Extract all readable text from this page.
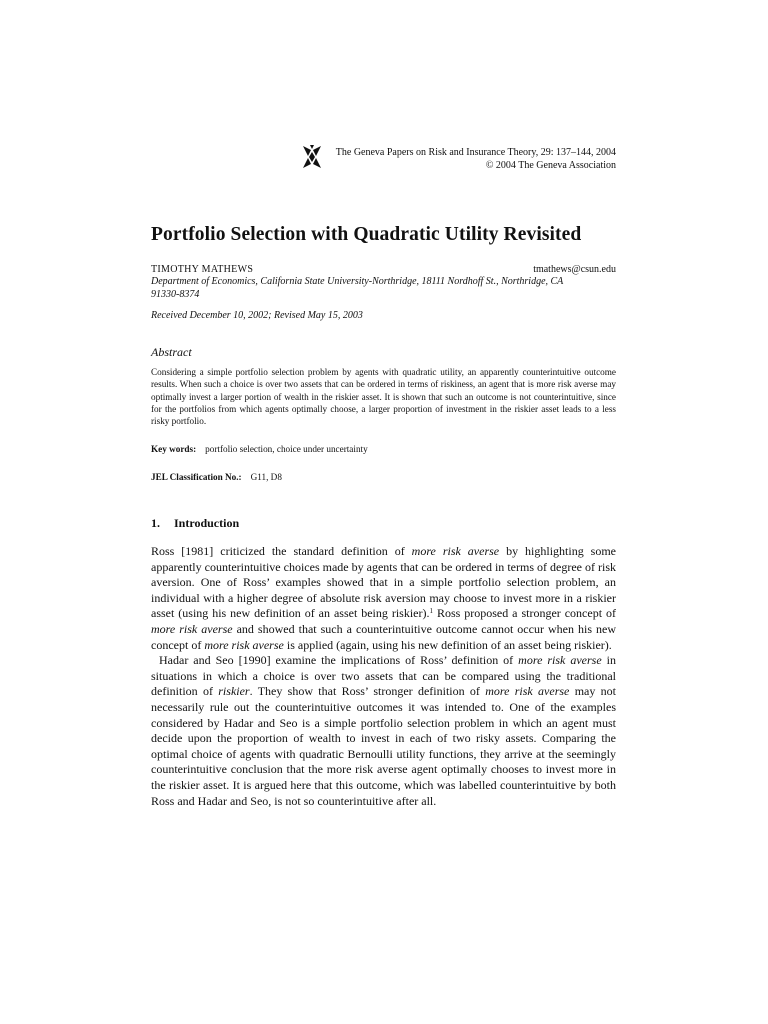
The Geneva Papers on Risk and Insurance Theory, 29: 137–144, 2004
© 2004 The Geneva Association
Portfolio Selection with Quadratic Utility Revisited
TIMOTHY MATHEWS	tmathews@csun.edu
Department of Economics, California State University-Northridge, 18111 Nordhoff St., Northridge, CA 91330-8374
Received December 10, 2002; Revised May 15, 2003
Abstract
Considering a simple portfolio selection problem by agents with quadratic utility, an apparently counterintuitive outcome results. When such a choice is over two assets that can be ordered in terms of riskiness, an agent that is more risk averse may optimally invest a larger portion of wealth in the riskier asset. It is shown that such an outcome is not counterintuitive, since for the portfolios from which agents optimally choose, a larger proportion of investment in the riskier asset leads to a less risky portfolio.
Key words: portfolio selection, choice under uncertainty
JEL Classification No.: G11, D8
1. Introduction

Ross [1981] criticized the standard definition of more risk averse by highlighting some apparently counterintuitive choices made by agents that can be ordered in terms of degree of risk aversion. One of Ross’ examples showed that in a simple portfolio selection problem, an individual with a higher degree of absolute risk aversion may choose to invest more in a riskier asset (using his new definition of an asset being riskier).$^1$ Ross proposed a stronger concept of more risk averse and showed that such a counterintuitive outcome cannot occur when his new concept of more risk averse is applied (again, using his new definition of an asset being riskier).

Hadar and Seo [1990] examine the implications of Ross’ definition of more risk averse in situations in which a choice is over two assets that can be compared using the traditional definition of riskier. They show that Ross’ stronger definition of more risk averse may not necessarily rule out the counterintuitive outcomes it was intended to. One of the examples considered by Hadar and Seo is a simple portfolio selection problem in which an agent must decide upon the proportion of wealth to invest in each of two risky assets. Comparing the optimal choice of agents with quadratic Bernoulli utility functions, they arrive at the seemingly counterintuitive conclusion that the more risk averse agent optimally chooses to invest more in the riskier asset. It is argued here that this outcome, which was labelled counterintuitive by both Ross and Hadar and Seo, is not so counterintuitive after all.
